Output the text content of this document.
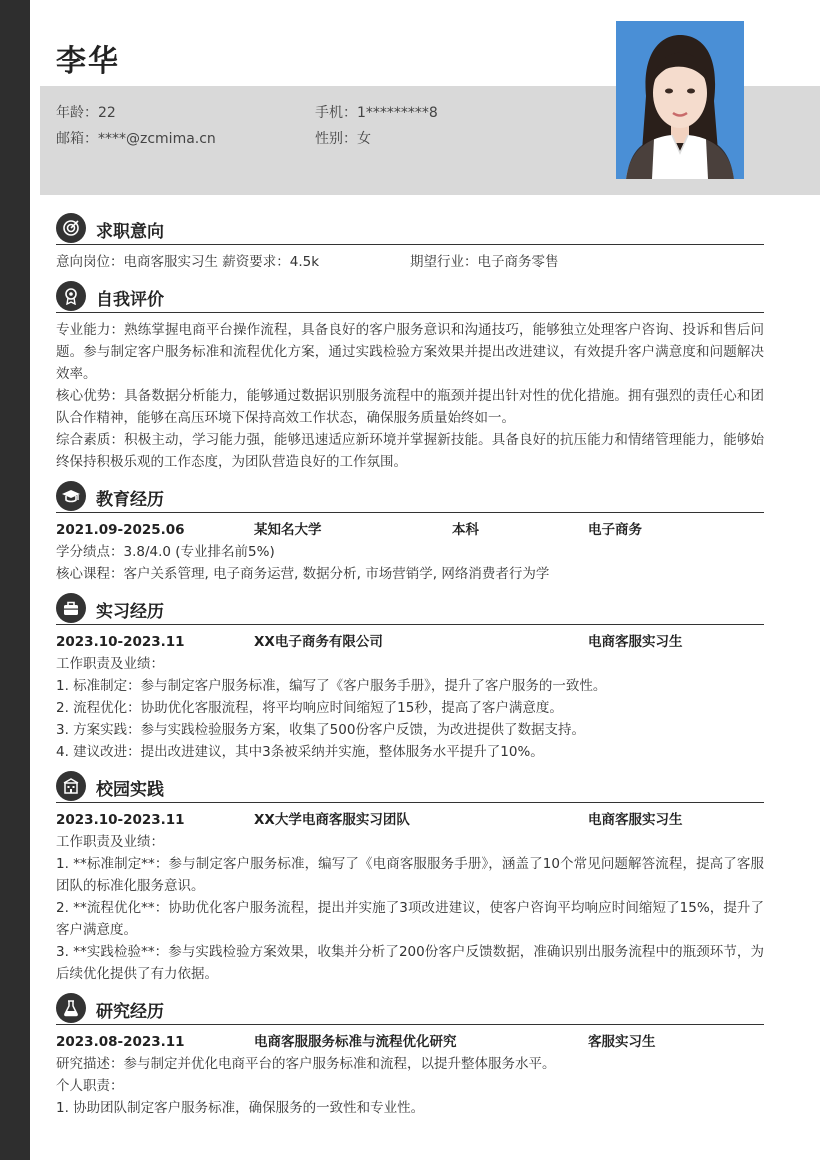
李华
年龄：22	手机：1*********8
邮箱：****@zcmima.cn	性别：女
求职意向
意向岗位：电商客服实习生 薪资要求：4.5k	期望行业：电子商务零售
自我评价

专业能力：熟练掌握电商平台操作流程，具备良好的客户服务意识和沟通技巧，能够独立处理客户咨询、投诉和售后问题。参与制定客户服务标准和流程优化方案，通过实践检验方案效果并提出改进建议，有效提升客户满意度和问题解决效率。

核心优势：具备数据分析能力，能够通过数据识别服务流程中的瓶颈并提出针对性的优化措施。拥有强烈的责任心和团队合作精神，能够在高压环境下保持高效工作状态，确保服务质量始终如一。

综合素质：积极主动，学习能力强，能够迅速适应新环境并掌握新技能。具备良好的抗压能力和情绪管理能力，能够始终保持积极乐观的工作态度，为团队营造良好的工作氛围。

教育经历
2021.09-2025.06	某知名大学	本科	电子商务

学分绩点：3.8/4.0 (专业排名前5%)

核心课程：客户关系管理, 电子商务运营, 数据分析, 市场营销学, 网络消费者行为学

实习经历
2023.10-2023.11	XX电子商务有限公司	电商客服实习生

工作职责及业绩：

1. 标准制定：参与制定客户服务标准，编写了《客户服务手册》，提升了客户服务的一致性。

2. 流程优化：协助优化客服流程，将平均响应时间缩短了15秒，提高了客户满意度。

3. 方案实践：参与实践检验服务方案，收集了500份客户反馈，为改进提供了数据支持。

4. 建议改进：提出改进建议，其中3条被采纳并实施，整体服务水平提升了10%。

校园实践
2023.10-2023.11	XX大学电商客服实习团队	电商客服实习生

工作职责及业绩：

1. **标准制定**：参与制定客户服务标准，编写了《电商客服服务手册》，涵盖了10个常见问题解答流程，提高了客服团队的标准化服务意识。

2. **流程优化**：协助优化客户服务流程，提出并实施了3项改进建议，使客户咨询平均响应时间缩短了15%，提升了客户满意度。

3. **实践检验**：参与实践检验方案效果，收集并分析了200份客户反馈数据，准确识别出服务流程中的瓶颈环节，为后续优化提供了有力依据。

研究经历
2023.08-2023.11	电商客服服务标准与流程优化研究	客服实习生

研究描述：参与制定并优化电商平台的客户服务标准和流程，以提升整体服务水平。

个人职责：

1. 协助团队制定客户服务标准，确保服务的一致性和专业性。
